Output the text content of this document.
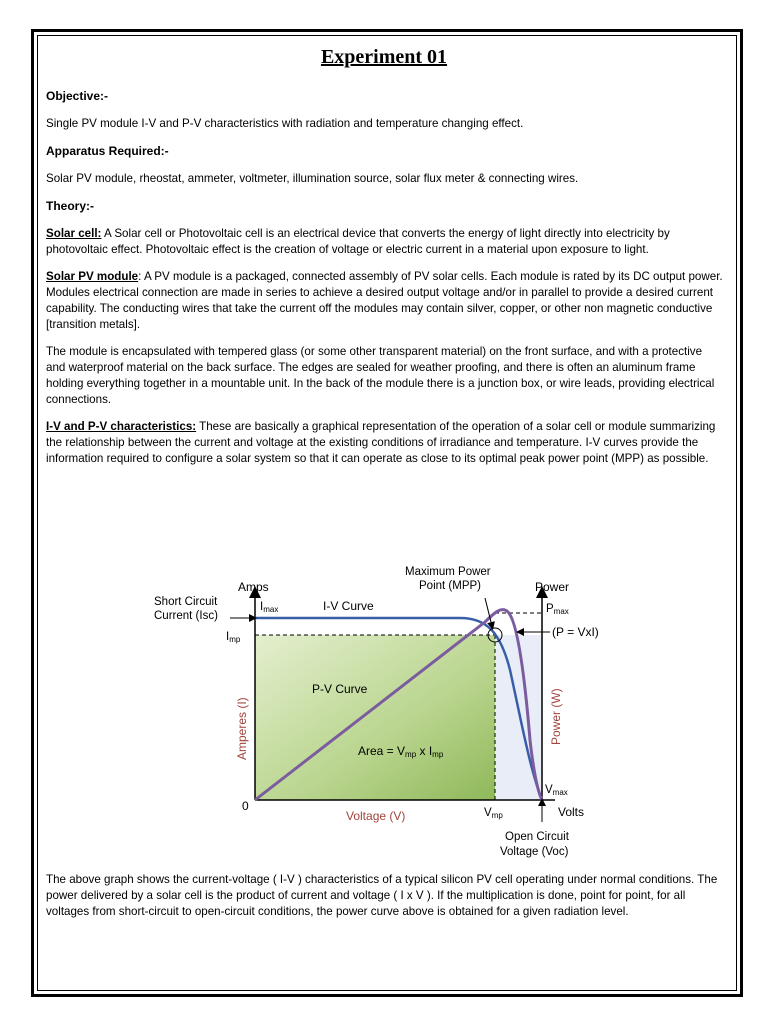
Experiment 01
Objective:-

Single PV module I-V and P-V characteristics with radiation and temperature changing effect.

Apparatus Required:-

Solar PV module, rheostat, ammeter, voltmeter, illumination source, solar flux meter & connecting wires.

Theory:-

Solar cell: A Solar cell or Photovoltaic cell is an electrical device that converts the energy of light directly into electricity by photovoltaic effect. Photovoltaic effect is the creation of voltage or electric current in a material upon exposure to light.

Solar PV module: A PV module is a packaged, connected assembly of PV solar cells. Each module is rated by its DC output power. Modules electrical connection are made in series to achieve a desired output voltage and/or in parallel to provide a desired current capability. The conducting wires that take the current off the modules may contain silver, copper, or other non magnetic conductive [transition metals].

The module is encapsulated with tempered glass (or some other transparent material) on the front surface, and with a protective and waterproof material on the back surface. The edges are sealed for weather proofing, and there is often an aluminum frame holding everything together in a mountable unit. In the back of the module there is a junction box, or wire leads, providing electrical connections.

I-V and P-V characteristics: These are basically a graphical representation of the operation of a solar cell or module summarizing the relationship between the current and voltage at the existing conditions of irradiance and temperature. I-V curves provide the information required to configure a solar system so that it can operate as close to its optimal peak power point (MPP) as possible.

Amps	Power
Short Circuit
Current (Isc)
Imax
Imp
I-V Curve
Maximum Power
Point (MPP)
Pmax
(P = VxI)
P-V Curve
Amperes (I)	Power (W)
Area = Vmp x Imp
0
Voltage (V)	Vmp
Vmax
Volts
Open Circuit
Voltage (Voc)
The above graph shows the current-voltage ( I-V ) characteristics of a typical silicon PV cell operating under normal conditions. The power delivered by a solar cell is the product of current and voltage ( I x V ). If the multiplication is done, point for point, for all voltages from short-circuit to open-circuit conditions, the power curve above is obtained for a given radiation level.
